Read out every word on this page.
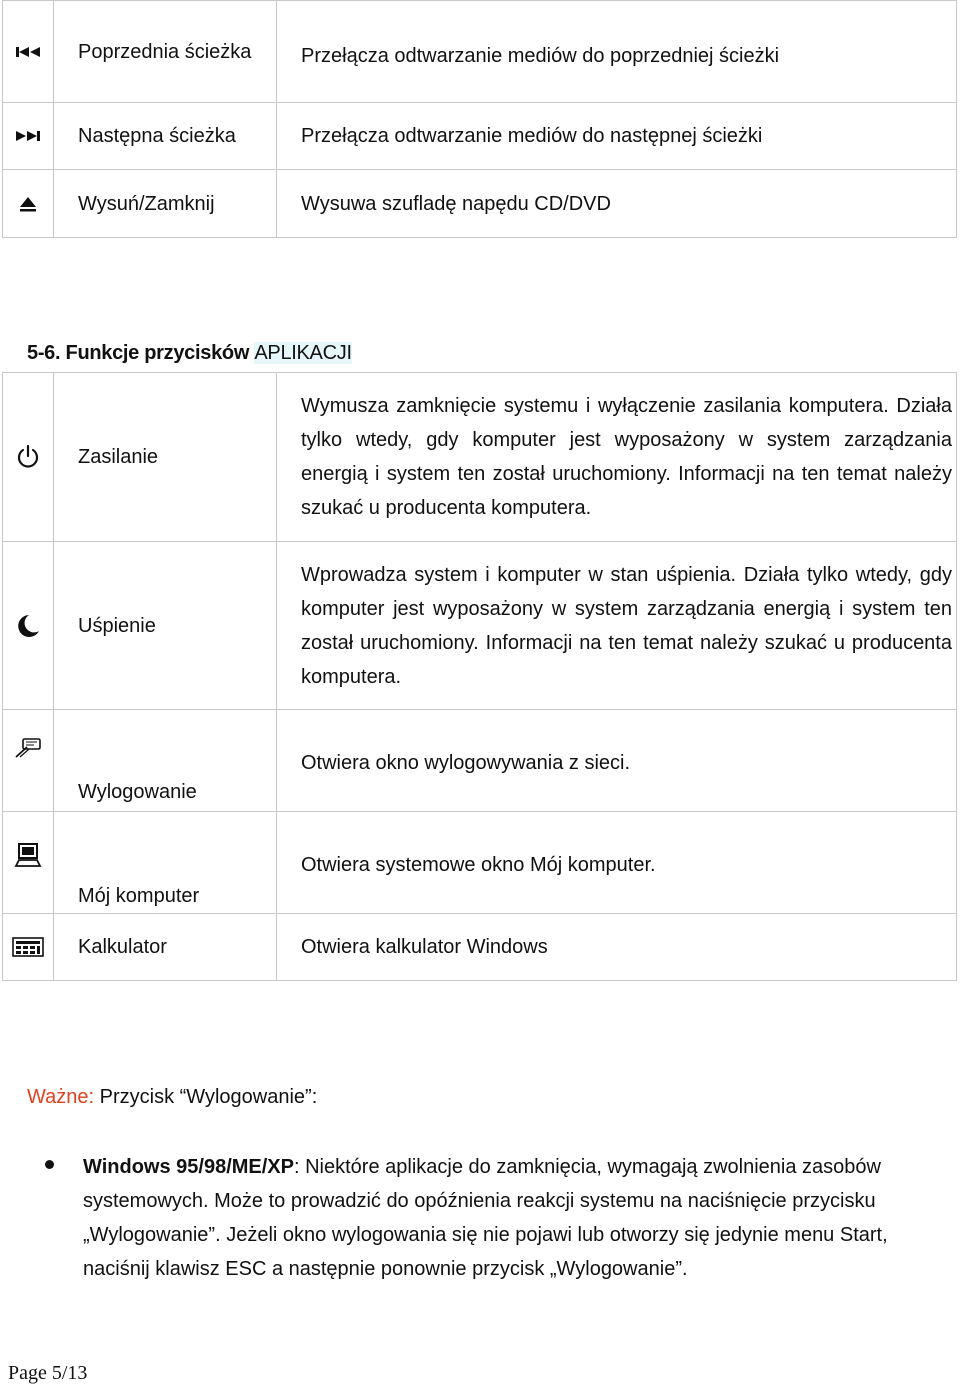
	Poprzednia ścieżka	Przełącza odtwarzanie mediów do poprzedniej ścieżki
	Następna ścieżka	Przełącza odtwarzanie mediów do następnej ścieżki
	Wysuń/Zamknij	Wysuwa szufladę napędu CD/DVD
5-6. Funkcje przycisków APLIKACJI
	Zasilanie	Wymusza zamknięcie systemu i wyłączenie zasilania komputera. Działa tylko wtedy, gdy komputer jest wyposażony w system zarządzania energią i system ten został uruchomiony. Informacji na ten temat należy szukać u producenta komputera.
	Uśpienie	Wprowadza system i komputer w stan uśpienia. Działa tylko wtedy, gdy komputer jest wyposażony w system zarządzania energią i system ten został uruchomiony. Informacji na ten temat należy szukać u producenta komputera.
	Wylogowanie	Otwiera okno wylogowywania z sieci.
	Mój komputer	Otwiera systemowe okno Mój komputer.
	Kalkulator	Otwiera kalkulator Windows
Ważne: Przycisk “Wylogowanie”:
Windows 95/98/ME/XP: Niektóre aplikacje do zamknięcia, wymagają zwolnienia zasobów systemowych. Może to prowadzić do opóźnienia reakcji systemu na naciśnięcie przycisku „Wylogowanie”. Jeżeli okno wylogowania się nie pojawi lub otworzy się jedynie menu Start, naciśnij klawisz ESC a następnie ponownie przycisk „Wylogowanie”.
Page 5/13
